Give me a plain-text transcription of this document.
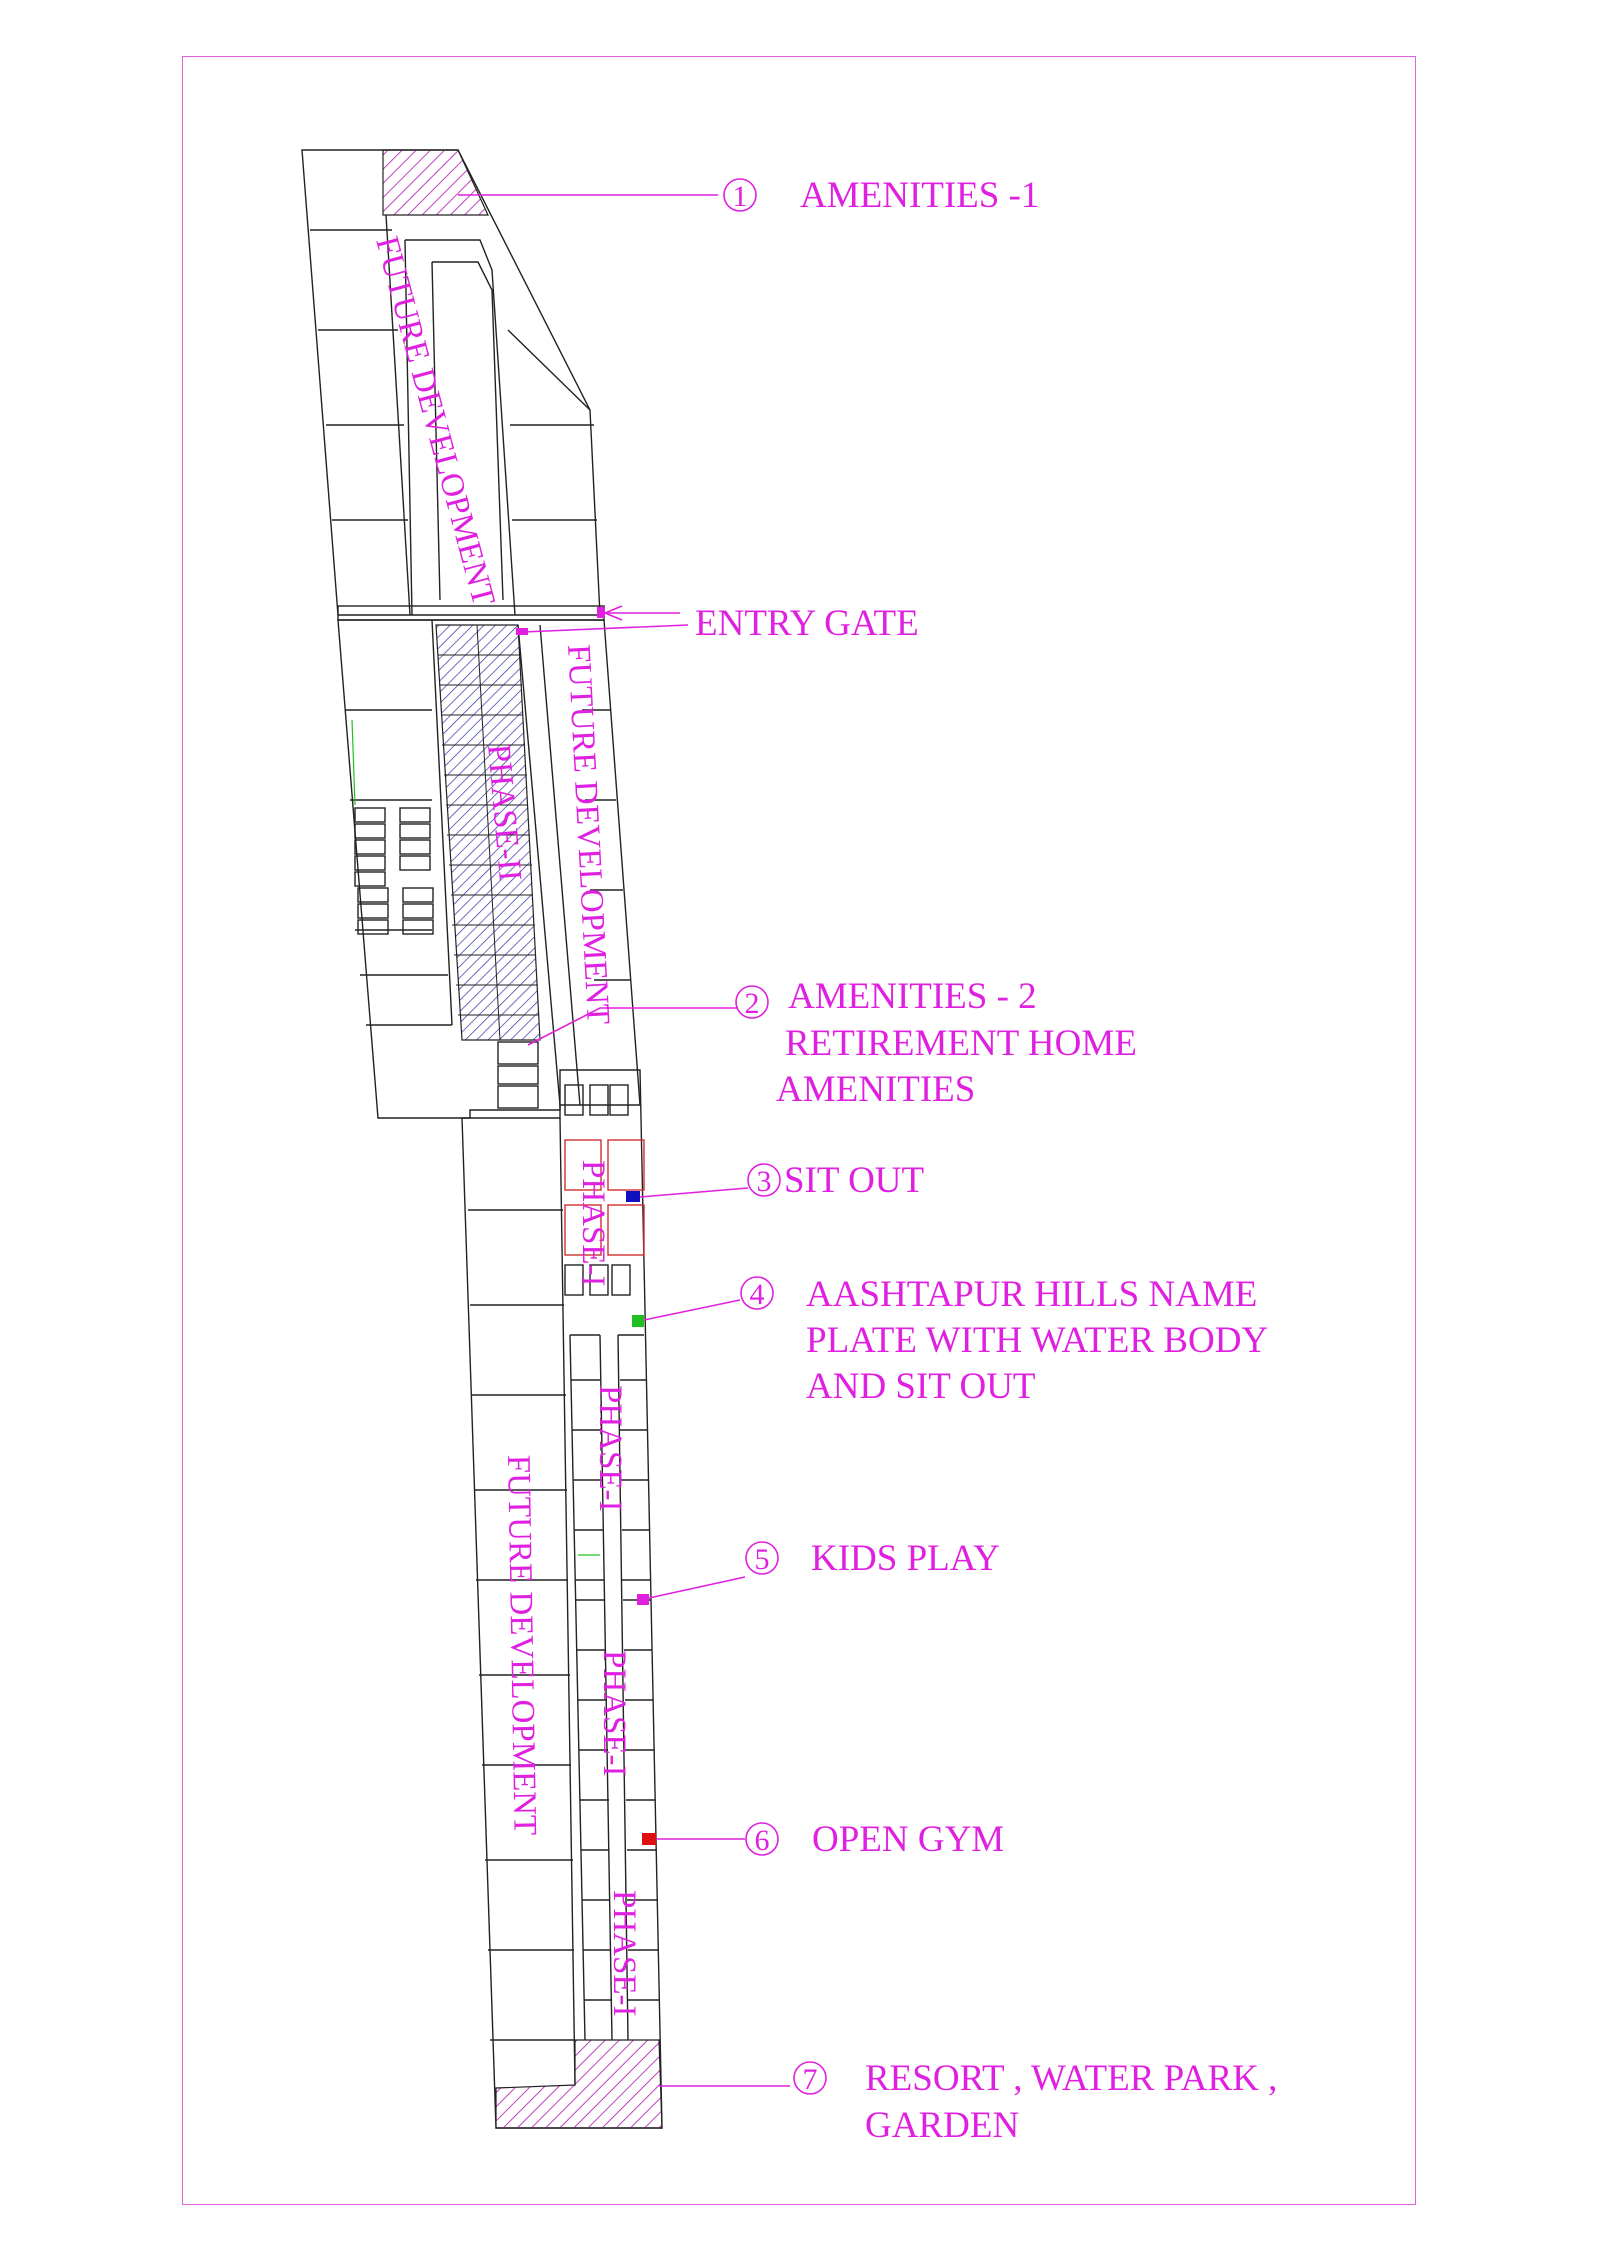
1
2
3
4
5
6
7
AMENITIES -1
ENTRY GATE
AMENITIES - 2
RETIREMENT HOME
AMENITIES
SIT OUT
AASHTAPUR HILLS NAME
PLATE WITH WATER BODY
AND SIT OUT
KIDS PLAY
OPEN GYM
RESORT , WATER PARK ,
GARDEN
FUTURE DEVELOPMENT
FUTURE DEVELOPMENT
FUTURE DEVELOPMENT
PHASE-II
PHASE-I
PHASE-I
PHASE-I
PHASE-I
